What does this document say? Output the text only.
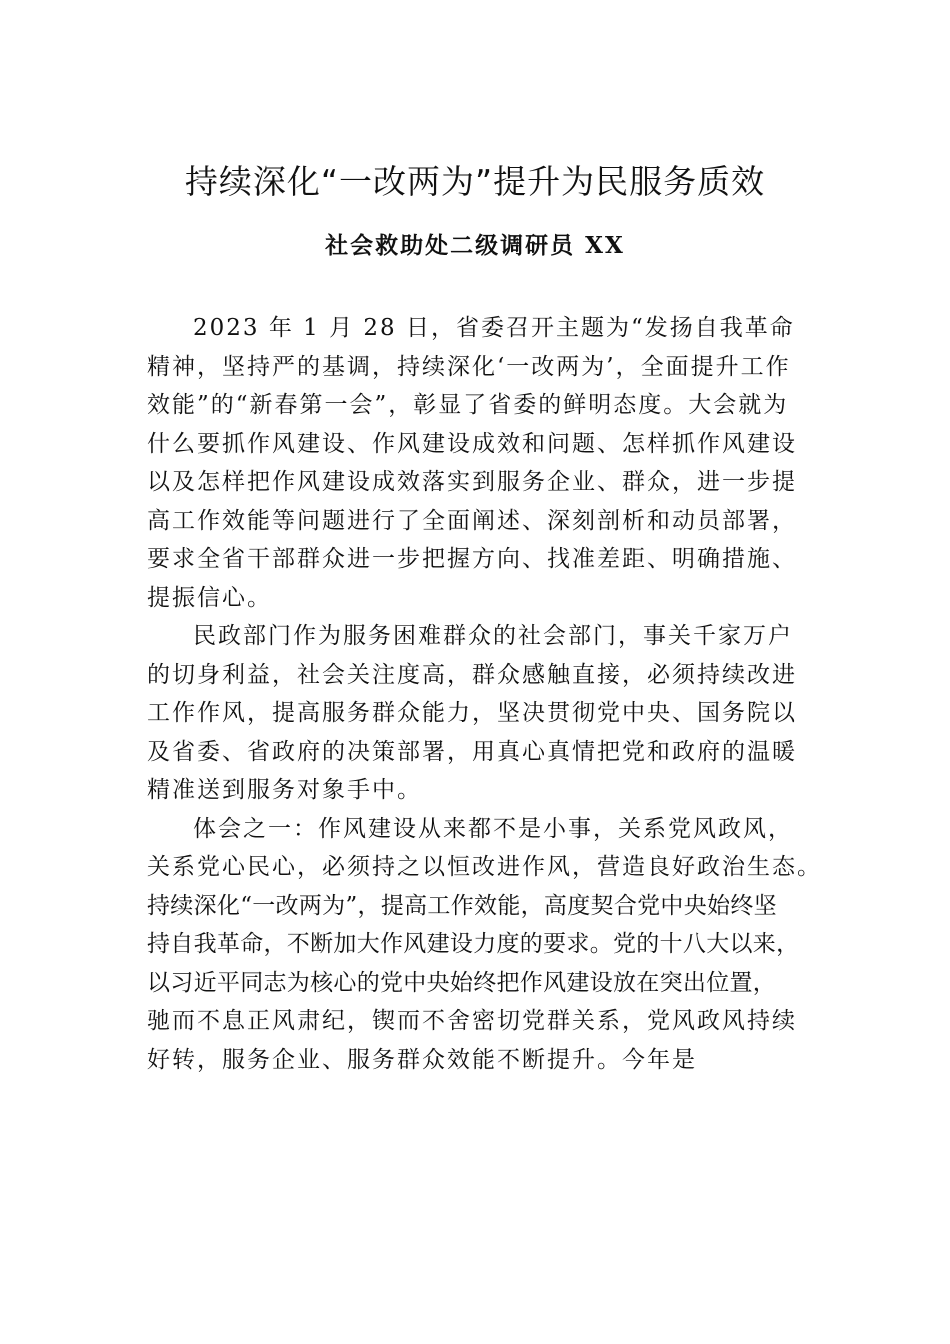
持续深化“一改两为”提升为民服务质效
社会救助处二级调研员 XX
2023 年 1 月 28 日，省委召开主题为“发扬自我革命
精神，坚持严的基调，持续深化‘一改两为’，全面提升工作
效能”的“新春第一会”，彰显了省委的鲜明态度。大会就为
什么要抓作风建设、作风建设成效和问题、怎样抓作风建设
以及怎样把作风建设成效落实到服务企业、群众，进一步提
高工作效能等问题进行了全面阐述、深刻剖析和动员部署，
要求全省干部群众进一步把握方向、找准差距、明确措施、
提振信心。
民政部门作为服务困难群众的社会部门，事关千家万户
的切身利益，社会关注度高，群众感触直接，必须持续改进
工作作风，提高服务群众能力，坚决贯彻党中央、国务院以
及省委、省政府的决策部署，用真心真情把党和政府的温暖
精准送到服务对象手中。
体会之一：作风建设从来都不是小事，关系党风政风，
关系党心民心，必须持之以恒改进作风，营造良好政治生态。
持续深化“一改两为”，提高工作效能，高度契合党中央始终坚
持自我革命，不断加大作风建设力度的要求。党的十八大以来，
以习近平同志为核心的党中央始终把作风建设放在突出位置，
驰而不息正风肃纪，锲而不舍密切党群关系，党风政风持续
好转，服务企业、服务群众效能不断提升。今年是
